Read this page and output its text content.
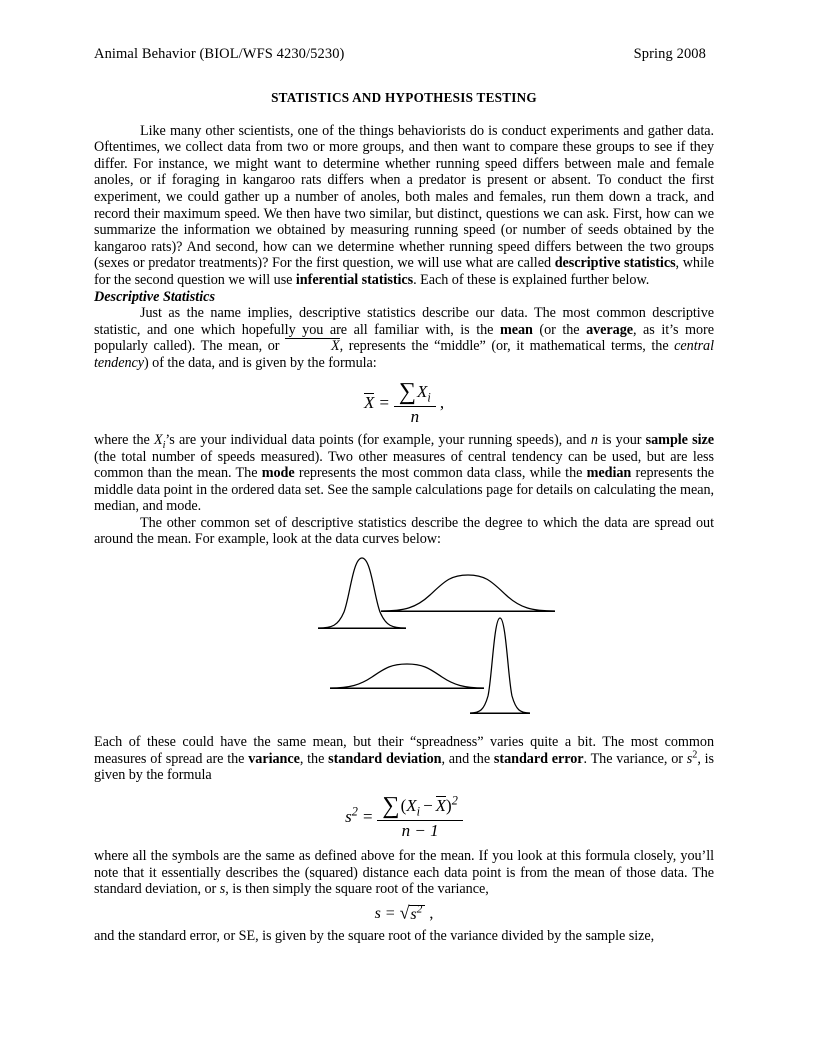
Animal Behavior (BIOL/WFS 4230/5230)	Spring 2008
STATISTICS AND HYPOTHESIS TESTING

Like many other scientists, one of the things behaviorists do is conduct experiments and gather data. Oftentimes, we collect data from two or more groups, and then want to compare these groups to see if they differ. For instance, we might want to determine whether running speed differs between male and female anoles, or if foraging in kangaroo rats differs when a predator is present or absent. To conduct the first experiment, we could gather up a number of anoles, both males and females, run them down a track, and record their maximum speed. We then have two similar, but distinct, questions we can ask. First, how can we summarize the information we obtained by measuring running speed (or number of seeds obtained by the kangaroo rats)? And second, how can we determine whether running speed differs between the two groups (sexes or predator treatments)? For the first question, we will use what are called descriptive statistics, while for the second question we will use inferential statistics. Each of these is explained further below.

Descriptive Statistics

Just as the name implies, descriptive statistics describe our data. The most common descriptive statistic, and one which hopefully you are all familiar with, is the mean (or the average, as it’s more popularly called). The mean, or	X, represents the “middle” (or, it mathematical terms, the central tendency) of the data, and is given by the formula:

$X = \frac{\sum X_i}{n}$ ,

where the $X_i’s$ are your individual data points (for example, your running speeds), and n is your sample size (the total number of speeds measured). Two other measures of central tendency can be used, but are less common than the mean. The mode represents the most common data class, while the median represents the middle data point in the ordered data set. See the sample calculations page for details on calculating the mean, median, and mode.

The other common set of descriptive statistics describe the degree to which the data are spread out around the mean. For example, look at the data curves below:

Each of these could have the same mean, but their “spreadness” varies quite a bit. The most common measures of spread are the variance, the standard deviation, and the standard error. The variance, or $s^2$, is given by the formula

$s^2 = \frac{\sum(X_i - X)^2}{n - 1}$

where all the symbols are the same as defined above for the mean. If you look at this formula closely, you’ll note that it essentially describes the (squared) distance each data point is from the mean of those data. The standard deviation, or s, is then simply the square root of the variance,

s = √ $s^2$ ,

and the standard error, or SE, is given by the square root of the variance divided by the sample size,
